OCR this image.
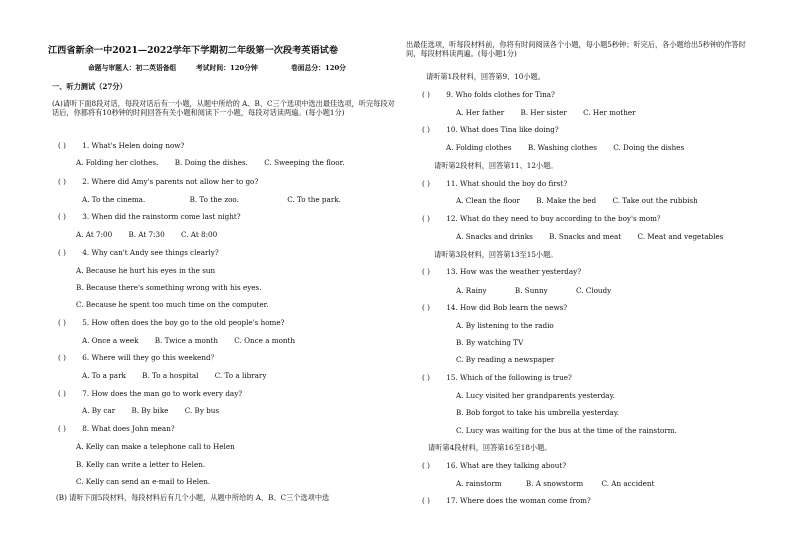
江西省新余一中2021—2022学年下学期初二年级第一次段考英语试卷
命题与审题人：初二英语备组	考试时间：120分钟	卷面总分：120分
一、听力测试（27分）
(A)请听下面8段对话，每段对话后有一小题，从题中所给的 A、B、C三个选项中选出最佳选项，听完每段对话后，你都将有10秒钟的时间回答有关小题和阅读下一小题，每段对话读两遍。(每小题1分)
( ) 1. What's Helen doing now?
A. Folding her clothes. B. Doing the dishes. C. Sweeping the floor.
( ) 2. Where did Amy's parents not allow her to go?
A. To the cinema.	B. To the zoo.	C. To the park.
( ) 3. When did the rainstorm come last night?
A. At 7:00 B. At 7:30 C. At 8:00
( ) 4. Why can't Andy see things clearly?
A. Because he hurt his eyes in the sun
B. Because there's something wrong with his eyes.
C. Because he spent too much time on the computer.
( ) 5. How often does the boy go to the old people's home?
A. Once a week B. Twice a month C. Once a month
( ) 6. Where will they go this weekend？
A. To a park B. To a hospital C. To a library
( ) 7. How does the man go to work every day?
A. By car B. By bike C. By bus
( ) 8. What does John mean?
A. Kelly can make a telephone call to Helen
B. Kelly can write a letter to Helen.
C. Kelly can send an e-mail to Helen.
(B) 请听下面5段材料，每段材料后有几个小题，从题中所给的 A、B、C三个选项中选
出最佳选项，听每段材料前，你将有时间阅读各个小题，每小题5秒钟；听完后，各小题给出5秒钟的作答时间，每段材料读两遍。(每小题1分)
请听第1段材料，回答第9、10小题。
( ) 9. Who folds clothes for Tina?
A. Her father B. Her sister C. Her mother
( ) 10. What does Tina like doing?
A. Folding clothes B. Washing clothes C. Doing the dishes
请听第2段材料，回答第11、12小题。
( ) 11. What should the boy do first?
A. Clean the floor B. Make the bed C. Take out the rubbish
( ) 12. What do they need to buy according to the boy's mom？
A. Snacks and drinks B. Snacks and meat C. Meat and vegetables
请听第3段材料，回答第13至15小题。
( ) 13. How was the weather yesterday?
A. Rainy	B. Sunny	C. Cloudy
( ) 14. How did Bob learn the news?
A. By listening to the radio
B. By watching TV
C. By reading a newspaper
( ) 15. Which of the following is true?
A. Lucy visited her grandparents yesterday.
B. Bob forgot to take his umbrella yesterday.
C. Lucy was waiting for the bus at the time of the rainstorm.
请听第4段材料，回答第16至18小题。
( ) 16. What are they talking about?
A. rainstorm	B. A snowstorm	C. An accident
( ) 17. Where does the woman come from?
